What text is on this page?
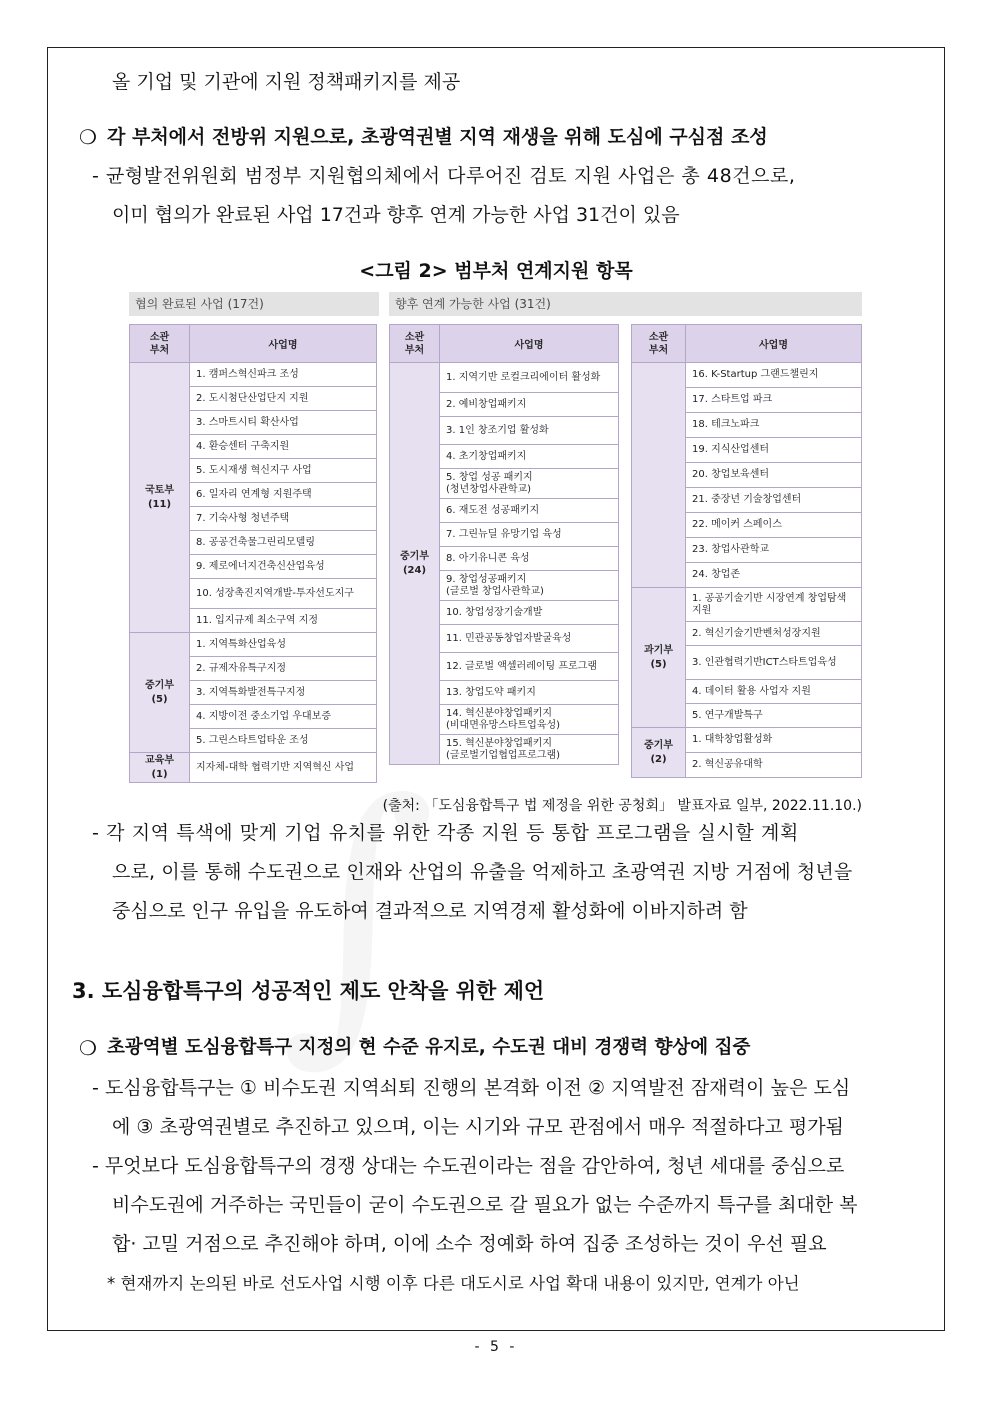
올 기업 및 기관에 지원 정책패키지를 제공
❍ 각 부처에서 전방위 지원으로, 초광역권별 지역 재생을 위해 도심에 구심점 조성
- 균형발전위원회 범정부 지원협의체에서 다루어진 검토 지원 사업은 총 48건으로,
이미 협의가 완료된 사업 17건과 향후 연계 가능한 사업 31건이 있음
<그림 2> 범부처 연계지원 항목
협의 완료된 사업 (17건)	향후 연계 가능한 사업 (31건)
소관
부처	사업명
국토부
(11)	1. 캠퍼스혁신파크 조성
	2. 도시첨단산업단지 지원
	3. 스마트시티 확산사업
	4. 환승센터 구축지원
	5. 도시재생 혁신지구 사업
	6. 일자리 연계형 지원주택
	7. 기숙사형 청년주택
	8. 공공건축물그린리모델링
	9. 제로에너지건축신산업육성
	10. 성장촉진지역개발-투자선도지구
	11. 입지규제 최소구역 지정
중기부
(5)	1. 지역특화산업육성
	2. 규제자유특구지정
	3. 지역특화발전특구지정
	4. 지방이전 중소기업 우대보증
	5. 그린스타트업타운 조성
교육부 (1)	지자체-대학 협력기반 지역혁신 사업
소관
부처	사업명
중기부
(24)	1. 지역기반 로컬크리에이터 활성화
	2. 예비창업패키지
	3. 1인 창조기업 활성화
	4. 초기창업패키지
	5. 창업 성공 패키지
(청년창업사관학교)
	6. 재도전 성공패키지
	7. 그린뉴딜 유망기업 육성
	8. 아기유니콘 육성
	9. 창업성공패키지
(글로벌 창업사관학교)
	10. 창업성장기술개발
	11. 민관공동창업자발굴육성
	12. 글로벌 액셀러레이팅 프로그램
	13. 창업도약 패키지
	14. 혁신분야창업패키지
(비대면유망스타트업육성)
	15. 혁신분야창업패키지
(글로벌기업협업프로그램)
소관
부처	사업명
	16. K-Startup 그랜드챌린지
	17. 스타트업 파크
	18. 테크노파크
	19. 지식산업센터
	20. 창업보육센터
	21. 중장년 기술창업센터
	22. 메이커 스페이스
	23. 창업사관학교
	24. 창업존
과기부
(5)	1. 공공기술기반 시장연계 창업탐색
지원
	2. 혁신기술기반벤처성장지원
	3. 인관협력기반ICT스타트업육성
	4. 데이터 활용 사업자 지원
	5. 연구개발특구
중기부
(2)	1. 대학창업활성화
	2. 혁신공유대학
(출처: 「도심융합특구 법 제정을 위한 공청회」 발표자료 일부, 2022.11.10.)
- 각 지역 특색에 맞게 기업 유치를 위한 각종 지원 등 통합 프로그램을 실시할 계획
으로, 이를 통해 수도권으로 인재와 산업의 유출을 억제하고 초광역권 지방 거점에 청년을
중심으로 인구 유입을 유도하여 결과적으로 지역경제 활성화에 이바지하려 함
3. 도심융합특구의 성공적인 제도 안착을 위한 제언
❍ 초광역별 도심융합특구 지정의 현 수준 유지로, 수도권 대비 경쟁력 향상에 집중
- 도심융합특구는 ① 비수도권 지역쇠퇴 진행의 본격화 이전 ② 지역발전 잠재력이 높은 도심
에 ③ 초광역권별로 추진하고 있으며, 이는 시기와 규모 관점에서 매우 적절하다고 평가됨
- 무엇보다 도심융합특구의 경쟁 상대는 수도권이라는 점을 감안하여, 청년 세대를 중심으로
비수도권에 거주하는 국민들이 굳이 수도권으로 갈 필요가 없는 수준까지 특구를 최대한 복
합· 고밀 거점으로 추진해야 하며, 이에 소수 정예화 하여 집중 조성하는 것이 우선 필요
* 현재까지 논의된 바로 선도사업 시행 이후 다른 대도시로 사업 확대 내용이 있지만, 연계가 아닌
- 5 -
